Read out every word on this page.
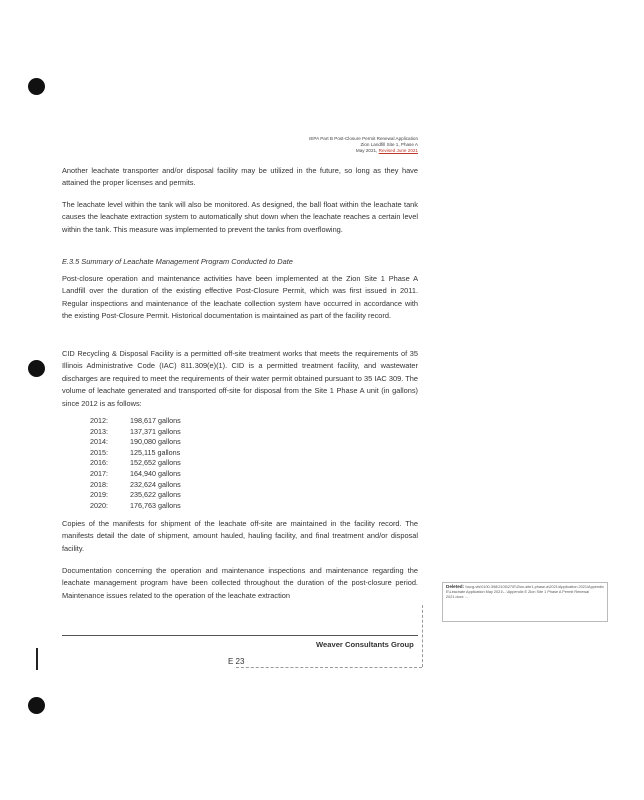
IEPA Part B Post-Closure Permit Renewal Application
Zion Landfill Site 1, Phase A
May 2021, Revised June 2021

Another leachate transporter and/or disposal facility may be utilized in the future, so long as they have attained the proper licenses and permits.

The leachate level within the tank will also be monitored. As designed, the ball float within the leachate tank causes the leachate extraction system to automatically shut down when the leachate reaches a certain level within the tank. This measure was implemented to prevent the tanks from overflowing.

E.3.5 Summary of Leachate Management Program Conducted to Date

Post-closure operation and maintenance activities have been implemented at the Zion Site 1 Phase A Landfill over the duration of the existing effective Post-Closure Permit, which was first issued in 2011. Regular inspections and maintenance of the leachate collection system have occurred in accordance with the existing Post-Closure Permit. Historical documentation is maintained as part of the facility record.

CID Recycling & Disposal Facility is a permitted off-site treatment works that meets the requirements of 35 Illinois Administrative Code (IAC) 811.309(e)(1). CID is a permitted treatment facility, and wastewater discharges are required to meet the requirements of their water permit obtained pursuant to 35 IAC 309. The volume of leachate generated and transported off-site for disposal from the Site 1 Phase A unit (in gallons) since 2012 is as follows:

2012:	198,617 gallons
2013:	137,371 gallons
2014:	190,080 gallons
2015:	125,115 gallons
2016:	152,652 gallons
2017:	164,940 gallons
2018:	232,624 gallons
2019:	235,622 gallons
2020:	176,763 gallons

Copies of the manifests for shipment of the leachate off-site are maintained in the facility record. The manifests detail the date of shipment, amount hauled, hauling facility, and final treatment and/or disposal facility.

Documentation concerning the operation and maintenance inspections and maintenance regarding the leachate management program have been collected throughout the duration of the post-closure period. Maintenance issues related to the operation of the leachate extraction

Weaver Consultants Group
E 23
Deleted: \\wcg-vfs\0100-398\2105\27\E\Zion-site1-phase-a\2021\Application 2021\Appendix E\Leachate Application May 2021\...\Appendix E Zion Site 1 Phase A Permit Renewal 2021.docx …
